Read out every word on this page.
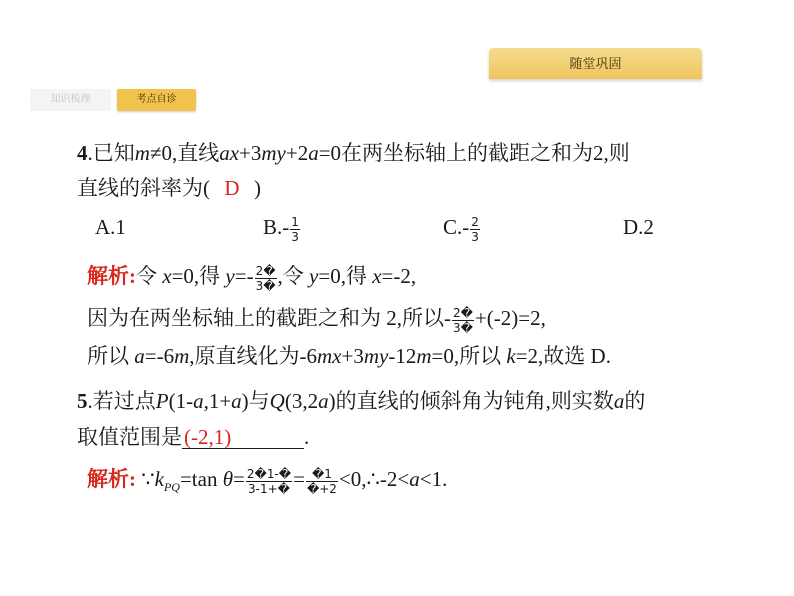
随堂巩固
知识梳理	考点自诊
4.已知m≠0,直线ax+3my+2a=0在两坐标轴上的截距之和为2,则
直线的斜率为( D )
A.1	$B.- \frac{1}{3}$	$C.- \frac{2}{3}$	D.2
解析:令 x=0,得 $y=- \frac{2�}{3�}$ ,令 y=0,得 x=-2,
因为在两坐标轴上的截距之和为 2,所以- $\frac{2�}{3�} +(-2)=2$,
所以 a=-6m,原直线化为-6mx+3my-12m=0,所以 k=2,故选 D.
5.若过点P(1-a,1+a)与Q(3,2a)的直线的倾斜角为钝角,则实数a的
取值范围是(-2,1)	.
解析: $\because k_{PQ}=\tan$ $\theta= \frac{2�1-�}{3-1+�} = \frac{�1}{�+2}$ <0,∴-2<a<1.
